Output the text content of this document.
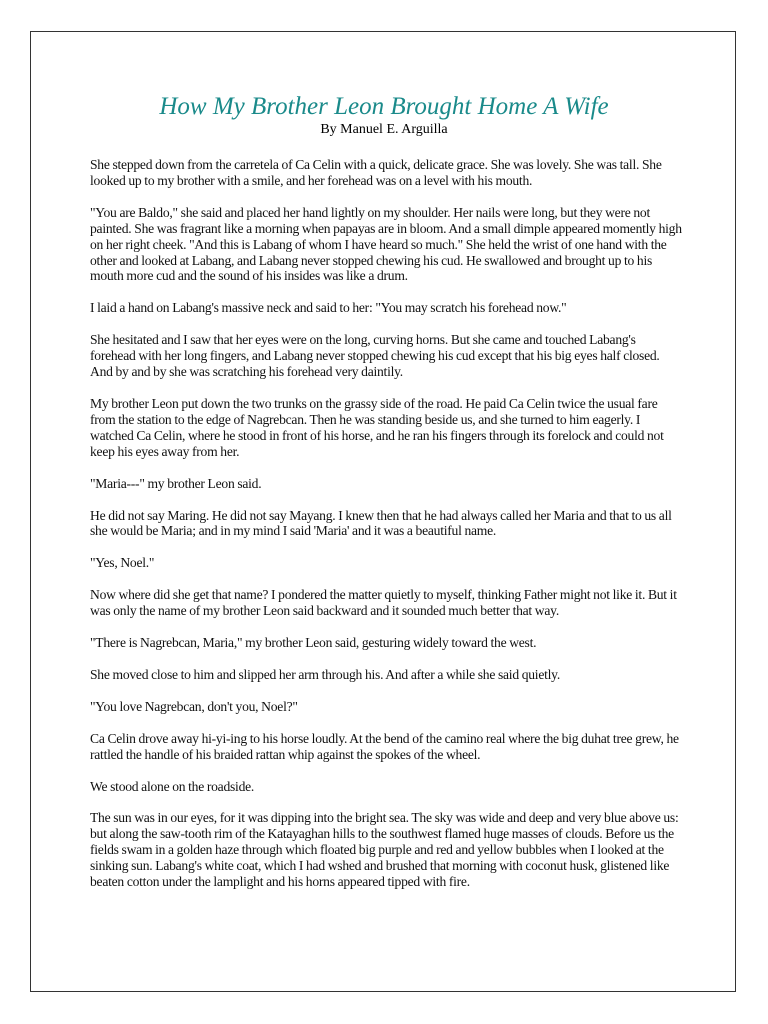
How My Brother Leon Brought Home A Wife
By Manuel E. Arguilla

She stepped down from the carretela of Ca Celin with a quick, delicate grace. She was lovely. She was tall. She looked up to my brother with a smile, and her forehead was on a level with his mouth.

"You are Baldo," she said and placed her hand lightly on my shoulder. Her nails were long, but they were not painted. She was fragrant like a morning when papayas are in bloom. And a small dimple appeared momently high on her right cheek. "And this is Labang of whom I have heard so much." She held the wrist of one hand with the other and looked at Labang, and Labang never stopped chewing his cud. He swallowed and brought up to his mouth more cud and the sound of his insides was like a drum.

I laid a hand on Labang's massive neck and said to her: "You may scratch his forehead now."

She hesitated and I saw that her eyes were on the long, curving horns. But she came and touched Labang's forehead with her long fingers, and Labang never stopped chewing his cud except that his big eyes half closed. And by and by she was scratching his forehead very daintily.

My brother Leon put down the two trunks on the grassy side of the road. He paid Ca Celin twice the usual fare from the station to the edge of Nagrebcan. Then he was standing beside us, and she turned to him eagerly. I watched Ca Celin, where he stood in front of his horse, and he ran his fingers through its forelock and could not keep his eyes away from her.

"Maria---" my brother Leon said.

He did not say Maring. He did not say Mayang. I knew then that he had always called her Maria and that to us all she would be Maria; and in my mind I said 'Maria' and it was a beautiful name.

"Yes, Noel."

Now where did she get that name? I pondered the matter quietly to myself, thinking Father might not like it. But it was only the name of my brother Leon said backward and it sounded much better that way.

"There is Nagrebcan, Maria," my brother Leon said, gesturing widely toward the west.

She moved close to him and slipped her arm through his. And after a while she said quietly.

"You love Nagrebcan, don't you, Noel?"

Ca Celin drove away hi-yi-ing to his horse loudly. At the bend of the camino real where the big duhat tree grew, he rattled the handle of his braided rattan whip against the spokes of the wheel.

We stood alone on the roadside.

The sun was in our eyes, for it was dipping into the bright sea. The sky was wide and deep and very blue above us: but along the saw-tooth rim of the Katayaghan hills to the southwest flamed huge masses of clouds. Before us the fields swam in a golden haze through which floated big purple and red and yellow bubbles when I looked at the sinking sun. Labang's white coat, which I had wshed and brushed that morning with coconut husk, glistened like beaten cotton under the lamplight and his horns appeared tipped with fire.
